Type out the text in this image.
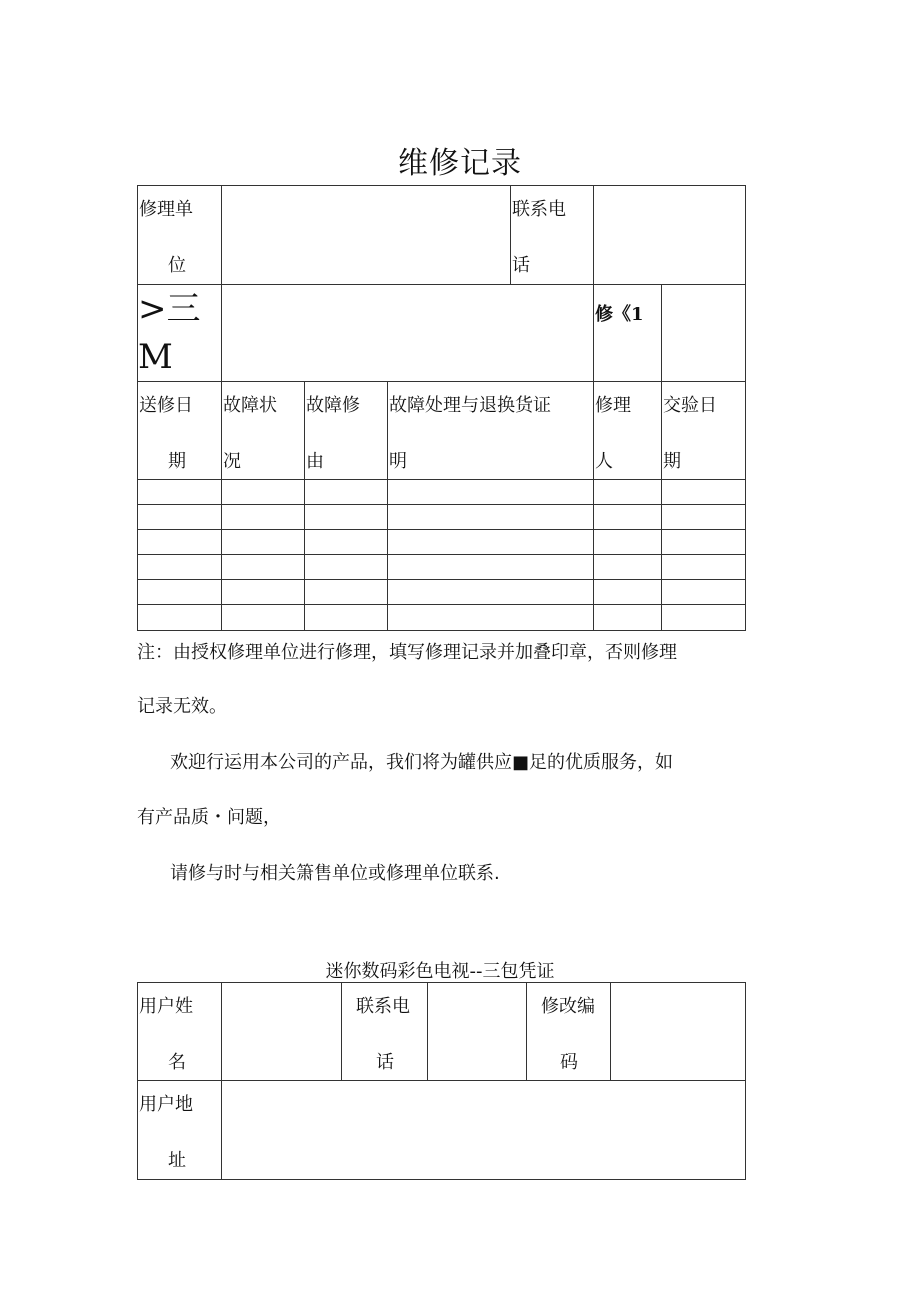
维修记录
修理单
位
联系电
话
>三
M
修《1
送修日
期
故障状
况
故障修
由
故障处理与退换货证
明
修理
人
交验日
期
注：由授权修理单位进行修理，填写修理记录并加叠印章，否则修理
记录无效。
欢迎行运用本公司的产品，我们将为罐供应■足的优质服务，如
有产品质・问题，
请修与时与相关箫售单位或修理单位联系.
迷你数码彩色电视--三包凭证
用户姓
名
联系电
话
修改编
码
用户地
址
